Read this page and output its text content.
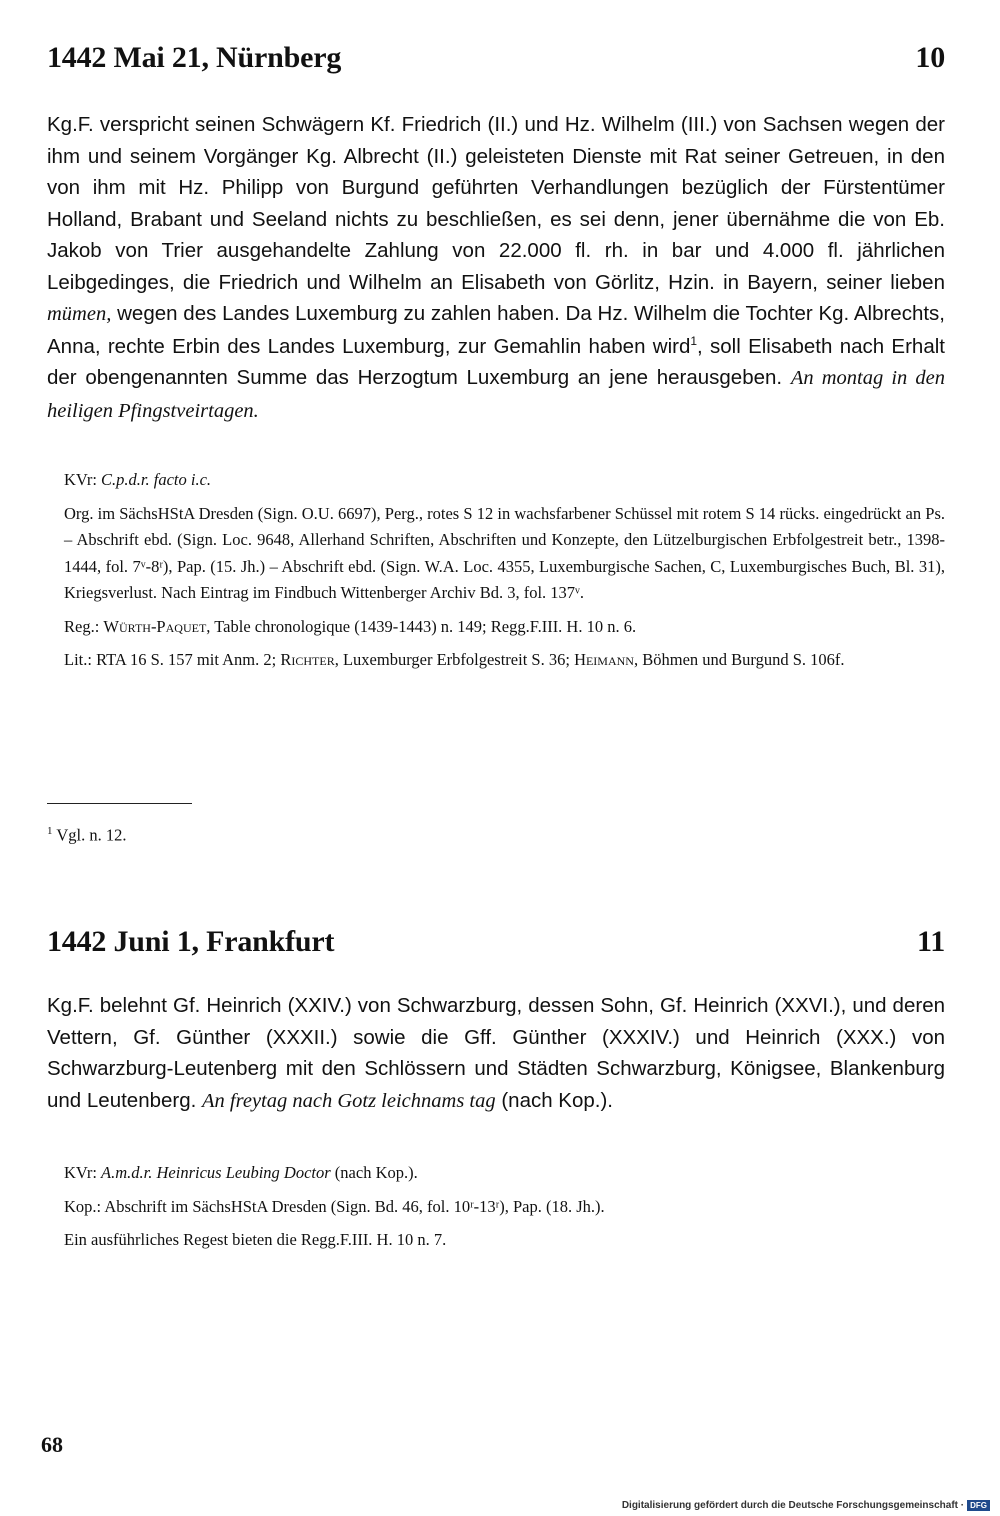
1442 Mai 21, Nürnberg	10

Kg.F. verspricht seinen Schwägern Kf. Friedrich (II.) und Hz. Wilhelm (III.) von Sachsen wegen der ihm und seinem Vorgänger Kg. Albrecht (II.) geleisteten Dienste mit Rat seiner Getreuen, in den von ihm mit Hz. Philipp von Burgund geführten Verhandlungen bezüglich der Fürstentümer Holland, Brabant und Seeland nichts zu beschließen, es sei denn, jener übernähme die von Eb. Jakob von Trier ausgehandelte Zahlung von 22.000 fl. rh. in bar und 4.000 fl. jährlichen Leibgedinges, die Friedrich und Wilhelm an Elisabeth von Görlitz, Hzin. in Bayern, seiner lieben mümen, wegen des Landes Luxemburg zu zahlen haben. Da Hz. Wilhelm die Tochter Kg. Albrechts, Anna, rechte Erbin des Landes Luxemburg, zur Gemahlin haben wird$^1$, soll Elisabeth nach Erhalt der obengenannten Summe das Herzogtum Luxemburg an jene herausgeben. An montag in den heiligen Pfingstveirtagen.

KVr: C.p.d.r. facto i.c.

Org. im SächsHStA Dresden (Sign. O.U. 6697), Perg., rotes S 12 in wachsfarbener Schüssel mit rotem S 14 rücks. eingedrückt an Ps. – Abschrift ebd. (Sign. Loc. 9648, Allerhand Schriften, Abschriften und Konzepte, den Lützelburgischen Erbfolgestreit betr., 1398-1444, fol. 7ᵛ-8ʳ), Pap. (15. Jh.) – Abschrift ebd. (Sign. W.A. Loc. 4355, Luxemburgische Sachen, C, Luxemburgisches Buch, Bl. 31), Kriegsverlust. Nach Eintrag im Findbuch Wittenberger Archiv Bd. 3, fol. 137ᵛ.

Reg.: Würth-Paquet, Table chronologique (1439-1443) n. 149; Regg.F.III. H. 10 n. 6.

Lit.: RTA 16 S. 157 mit Anm. 2; Richter, Luxemburger Erbfolgestreit S. 36; Heimann, Böhmen und Burgund S. 106f.

$^1$ Vgl. n. 12.
1442 Juni 1, Frankfurt	11

Kg.F. belehnt Gf. Heinrich (XXIV.) von Schwarzburg, dessen Sohn, Gf. Heinrich (XXVI.), und deren Vettern, Gf. Günther (XXXII.) sowie die Gff. Günther (XXXIV.) und Heinrich (XXX.) von Schwarzburg-Leutenberg mit den Schlössern und Städten Schwarzburg, Königsee, Blankenburg und Leutenberg. An freytag nach Gotz leichnams tag (nach Kop.).

KVr: A.m.d.r. Heinricus Leubing Doctor (nach Kop.).

Kop.: Abschrift im SächsHStA Dresden (Sign. Bd. 46, fol. 10ʳ-13ʳ), Pap. (18. Jh.).

Ein ausführliches Regest bieten die Regg.F.III. H. 10 n. 7.

68
Digitalisierung gefördert durch die Deutsche Forschungsgemeinschaft · DFG
